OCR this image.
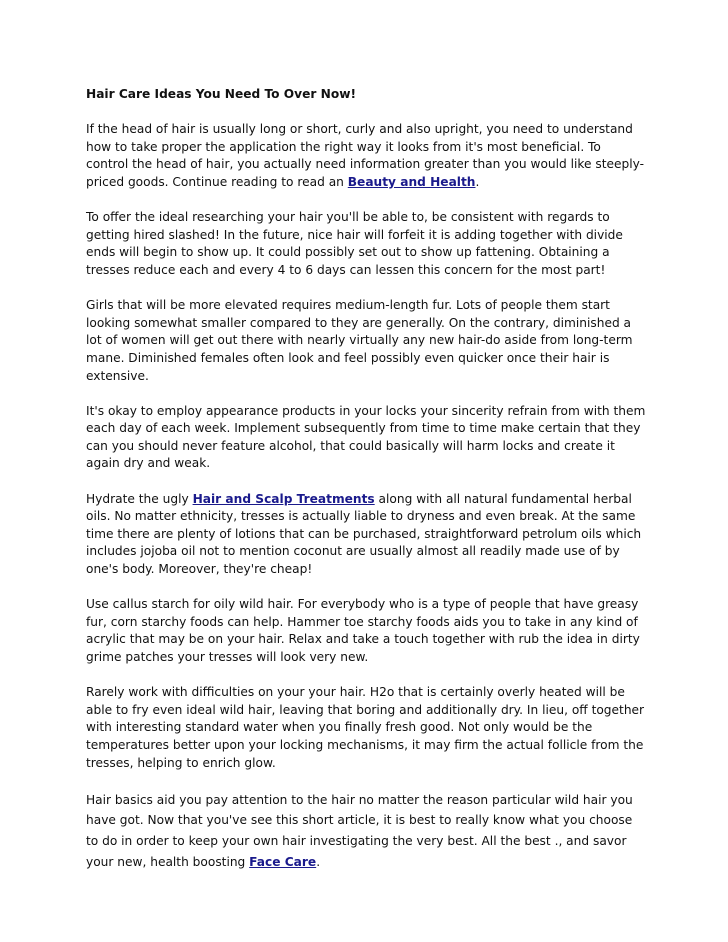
Hair Care Ideas You Need To Over Now!

If the head of hair is usually long or short, curly and also upright, you need to understand how to take proper the application the right way it looks from it's most beneficial. To control the head of hair, you actually need information greater than you would like steeply-priced goods. Continue reading to read an Beauty and Health.

To offer the ideal researching your hair you'll be able to, be consistent with regards to getting hired slashed! In the future, nice hair will forfeit it is adding together with divide ends will begin to show up. It could possibly set out to show up fattening. Obtaining a tresses reduce each and every 4 to 6 days can lessen this concern for the most part!

Girls that will be more elevated requires medium-length fur. Lots of people them start looking somewhat smaller compared to they are generally. On the contrary, diminished a lot of women will get out there with nearly virtually any new hair-do aside from long-term mane. Diminished females often look and feel possibly even quicker once their hair is extensive.

It's okay to employ appearance products in your locks your sincerity refrain from with them each day of each week. Implement subsequently from time to time make certain that they can you should never feature alcohol, that could basically will harm locks and create it again dry and weak.

Hydrate the ugly Hair and Scalp Treatments along with all natural fundamental herbal oils. No matter ethnicity, tresses is actually liable to dryness and even break. At the same time there are plenty of lotions that can be purchased, straightforward petrolum oils which includes jojoba oil not to mention coconut are usually almost all readily made use of by one's body. Moreover, they're cheap!

Use callus starch for oily wild hair. For everybody who is a type of people that have greasy fur, corn starchy foods can help. Hammer toe starchy foods aids you to take in any kind of acrylic that may be on your hair. Relax and take a touch together with rub the idea in dirty grime patches your tresses will look very new.

Rarely work with difficulties on your your hair. H2o that is certainly overly heated will be able to fry even ideal wild hair, leaving that boring and additionally dry. In lieu, off together with interesting standard water when you finally fresh good. Not only would be the temperatures better upon your locking mechanisms, it may firm the actual follicle from the tresses, helping to enrich glow.

Hair basics aid you pay attention to the hair no matter the reason particular wild hair you have got. Now that you've see this short article, it is best to really know what you choose to do in order to keep your own hair investigating the very best. All the best ., and savor your new, health boosting Face Care.
